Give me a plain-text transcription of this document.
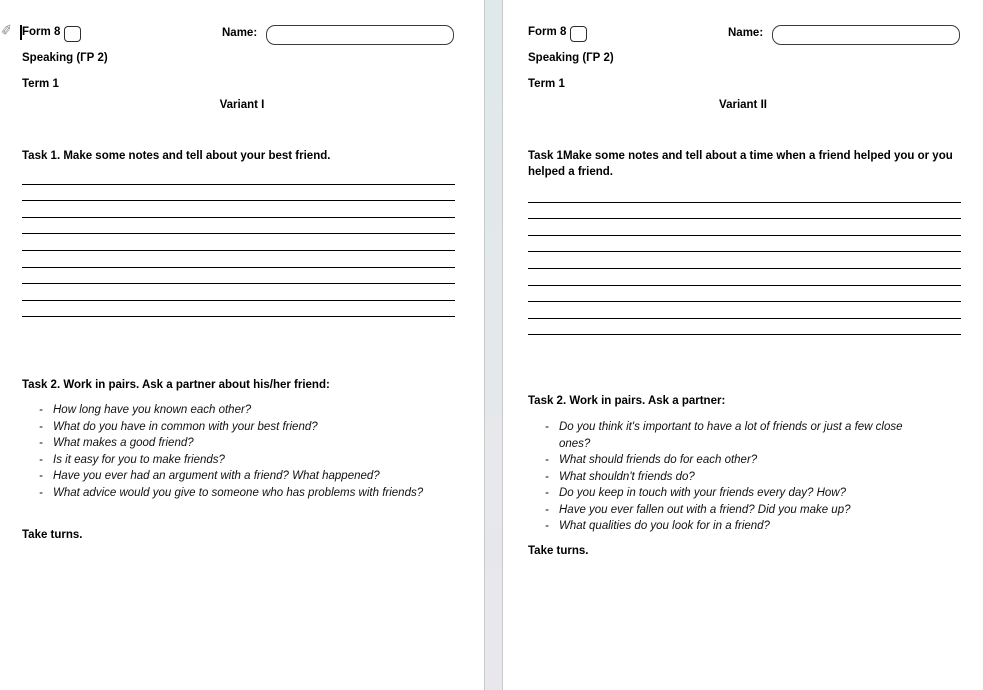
✐ Form 8	Name:
Speaking (ГР 2)
Term 1
Variant I

Task 1. Make some notes and tell about your best friend.

Task 2. Work in pairs. Ask a partner about his/her friend:

- How long have you known each other?
- What do you have in common with your best friend?
- What makes a good friend?
- Is it easy for you to make friends?
- Have you ever had an argument with a friend? What happened?
- What advice would you give to someone who has problems with friends?

Take turns.

Form 8	Name:
Speaking (ГР 2)
Term 1
Variant II

Task 1Make some notes and tell about a time when a friend helped you or you helped a friend.

Task 2. Work in pairs. Ask a partner:

- Do you think it's important to have a lot of friends or just a few close ones?
- What should friends do for each other?
- What shouldn't friends do?
- Do you keep in touch with your friends every day? How?
- Have you ever fallen out with a friend? Did you make up?
- What qualities do you look for in a friend?

Take turns.
